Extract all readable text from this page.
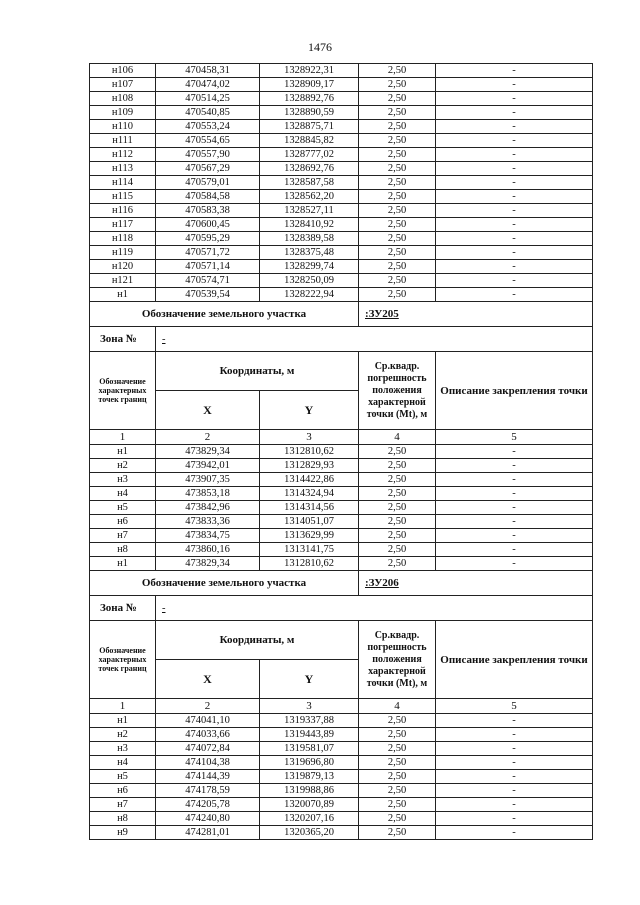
1476
н106	470458,31	1328922,31	2,50	-
н107	470474,02	1328909,17	2,50	-
н108	470514,25	1328892,76	2,50	-
н109	470540,85	1328890,59	2,50	-
н110	470553,24	1328875,71	2,50	-
н111	470554,65	1328845,82	2,50	-
н112	470557,90	1328777,02	2,50	-
н113	470567,29	1328692,76	2,50	-
н114	470579,01	1328587,58	2,50	-
н115	470584,58	1328562,20	2,50	-
н116	470583,38	1328527,11	2,50	-
н117	470600,45	1328410,92	2,50	-
н118	470595,29	1328389,58	2,50	-
н119	470571,72	1328375,48	2,50	-
н120	470571,14	1328299,74	2,50	-
н121	470574,71	1328250,09	2,50	-
н1	470539,54	1328222,94	2,50	-
Обозначение земельного участка			:ЗУ205	
Зона №	-			
Обозначение характерных точек границ	Координаты, м		Ср.квадр. погрешность положения характерной точки (Mt), м	Описание закрепления точки
	X	Y		
1	2	3	4	5
н1	473829,34	1312810,62	2,50	-
н2	473942,01	1312829,93	2,50	-
н3	473907,35	1314422,86	2,50	-
н4	473853,18	1314324,94	2,50	-
н5	473842,96	1314314,56	2,50	-
н6	473833,36	1314051,07	2,50	-
н7	473834,75	1313629,99	2,50	-
н8	473860,16	1313141,75	2,50	-
н1	473829,34	1312810,62	2,50	-
Обозначение земельного участка			:ЗУ206	
Зона №	-			
Обозначение характерных точек границ	Координаты, м		Ср.квадр. погрешность положения характерной точки (Mt), м	Описание закрепления точки
	X	Y		
1	2	3	4	5
н1	474041,10	1319337,88	2,50	-
н2	474033,66	1319443,89	2,50	-
н3	474072,84	1319581,07	2,50	-
н4	474104,38	1319696,80	2,50	-
н5	474144,39	1319879,13	2,50	-
н6	474178,59	1319988,86	2,50	-
н7	474205,78	1320070,89	2,50	-
н8	474240,80	1320207,16	2,50	-
н9	474281,01	1320365,20	2,50	-
